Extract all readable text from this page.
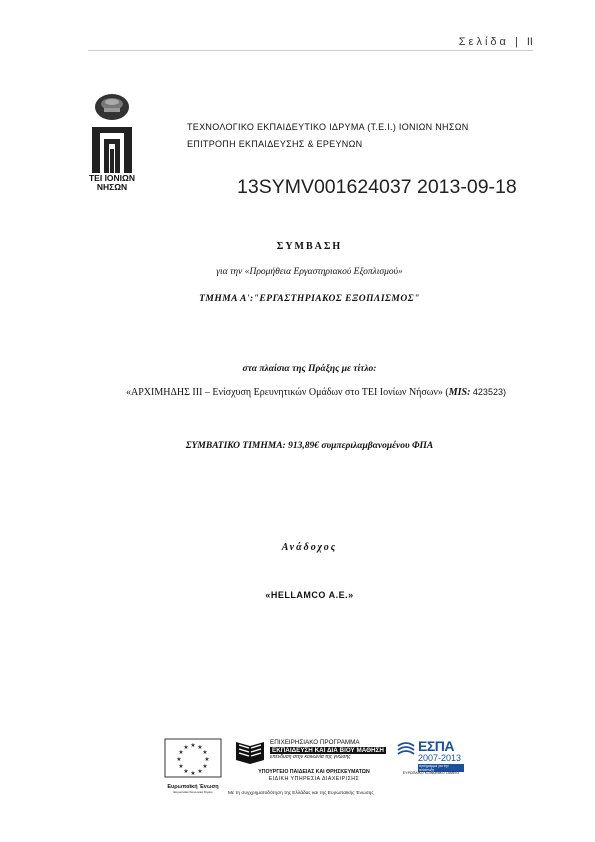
Σελίδα | II
ΤΕΙ ΙΟΝΙΩΝ
ΝΗΣΩΝ
ΤΕΧΝΟΛΟΓΙΚΟ ΕΚΠΑΙΔΕΥΤΙΚΟ ΙΔΡΥΜΑ (Τ.Ε.Ι.) ΙΟΝΙΩΝ ΝΗΣΩΝ
ΕΠΙΤΡΟΠΗ ΕΚΠΑΙΔΕΥΣΗΣ & ΕΡΕΥΝΩΝ
13SYMV001624037 2013-09-18
ΣΥΜΒΑΣΗ
για την «Προμήθεια Εργαστηριακού Εξοπλισμού»
ΤΜΗΜΑ Α':"ΕΡΓΑΣΤΗΡΙΑΚΟΣ ΕΞΟΠΛΙΣΜΟΣ"
στα πλαίσια της Πράξης με τίτλο:
«ΑΡΧΙΜΗΔΗΣ ΙΙΙ – Ενίσχυση Ερευνητικών Ομάδων στο ΤΕΙ Ιονίων Νήσων» (MIS: 423523)
ΣΥΜΒΑΤΙΚΟ ΤΙΜΗΜΑ: 913,89€ συμπεριλαμβανομένου ΦΠΑ
Ανάδοχος
«HELLAMCO A.E.»
★ ★
★
★
★
★
★
★
★
★
★
★
Ευρωπαϊκή Ένωση
Ευρωπαϊκό Κοινωνικό Ταμείο
ΕΠΙΧΕΙΡΗΣΙΑΚΟ ΠΡΟΓΡΑΜΜΑ
ΕΚΠΑΙΔΕΥΣΗ ΚΑΙ ΔΙΑ ΒΙΟΥ ΜΑΘΗΣΗ
επένδυση στην κοινωνία της γνώσης
ΥΠΟΥΡΓΕΙΟ ΠΑΙΔΕΙΑΣ ΚΑΙ ΘΡΗΣΚΕΥΜΑΤΩΝ
ΕΙΔΙΚΗ ΥΠΗΡΕΣΙΑ ΔΙΑΧΕΙΡΙΣΗΣ
ΕΣΠΑ
2007-2013
πρόγραμμα για την ανάπτυξη
ΕΥΡΩΠΑΪΚΟ ΚΟΙΝΩΝΙΚΟ ΤΑΜΕΙΟ
Με τη συγχρηματοδότηση της Ελλάδας και της Ευρωπαϊκής Ένωσης
